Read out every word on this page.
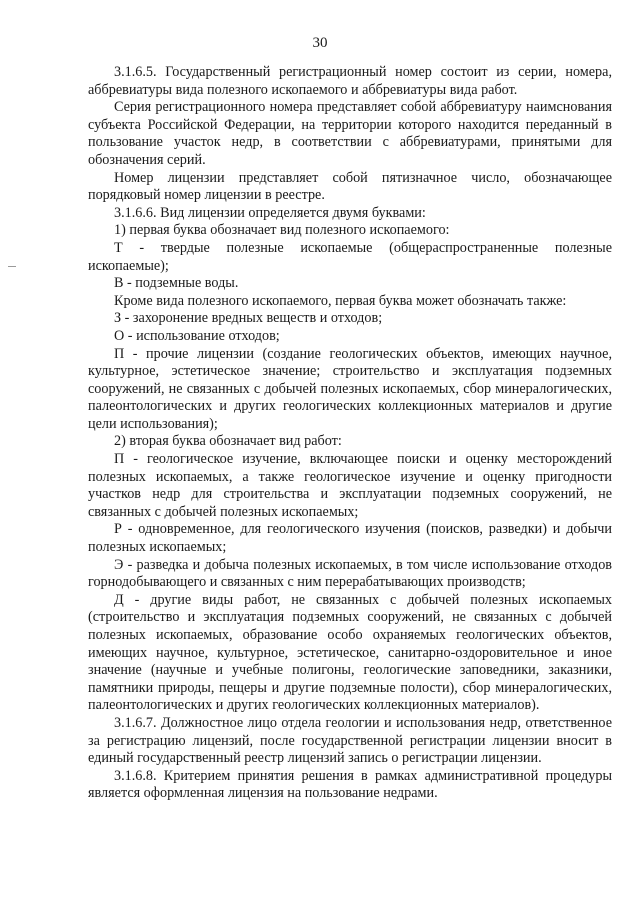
30

3.1.6.5. Государственный регистрационный номер состоит из серии, номера, аббревиатуры вида полезного ископаемого и аббревиатуры вида работ.

Серия регистрационного номера представляет собой аббревиатуру наимснования субъекта Российской Федерации, на территории которого находится переданный в пользование участок недр, в соответствии с аббревиатурами, принятыми для обозначения серий.

Номер лицензии представляет собой пятизначное число, обозначающее порядковый номер лицензии в реестре.

3.1.6.6. Вид лицензии определяется двумя буквами:

1) первая буква обозначает вид полезного ископаемого:

Т - твердые полезные ископаемые (общераспространенные полезные ископаемые);

В - подземные воды.

Кроме вида полезного ископаемого, первая буква может обозначать также:

З - захоронение вредных веществ и отходов;

О - использование отходов;

П - прочие лицензии (создание геологических объектов, имеющих научное, культурное, эстетическое значение; строительство и эксплуатация подземных сооружений, не связанных с добычей полезных ископаемых, сбор минералогических, палеонтологических и других геологических коллекционных материалов и другие цели использования);

2) вторая буква обозначает вид работ:

П - геологическое изучение, включающее поиски и оценку месторождений полезных ископаемых, а также геологическое изучение и оценку пригодности участков недр для строительства и эксплуатации подземных сооружений, не связанных с добычей полезных ископаемых;

Р - одновременное, для геологического изучения (поисков, разведки) и добычи полезных ископаемых;

Э - разведка и добыча полезных ископаемых, в том числе использование отходов горнодобывающего и связанных с ним перерабатывающих производств;

Д - другие виды работ, не связанных с добычей полезных ископаемых (строительство и эксплуатация подземных сооружений, не связанных с добычей полезных ископаемых, образование особо охраняемых геологических объектов, имеющих научное, культурное, эстетическое, санитарно-оздоровительное и иное значение (научные и учебные полигоны, геологические заповедники, заказники, памятники природы, пещеры и другие подземные полости), сбор минералогических, палеонтологических и других геологических коллекционных материалов).

3.1.6.7. Должностное лицо отдела геологии и использования недр, ответственное за регистрацию лицензий, после государственной регистрации лицензии вносит в единый государственный реестр лицензий запись о регистрации лицензии.

3.1.6.8. Критерием принятия решения в рамках административной процедуры является оформленная лицензия на пользование недрами.
